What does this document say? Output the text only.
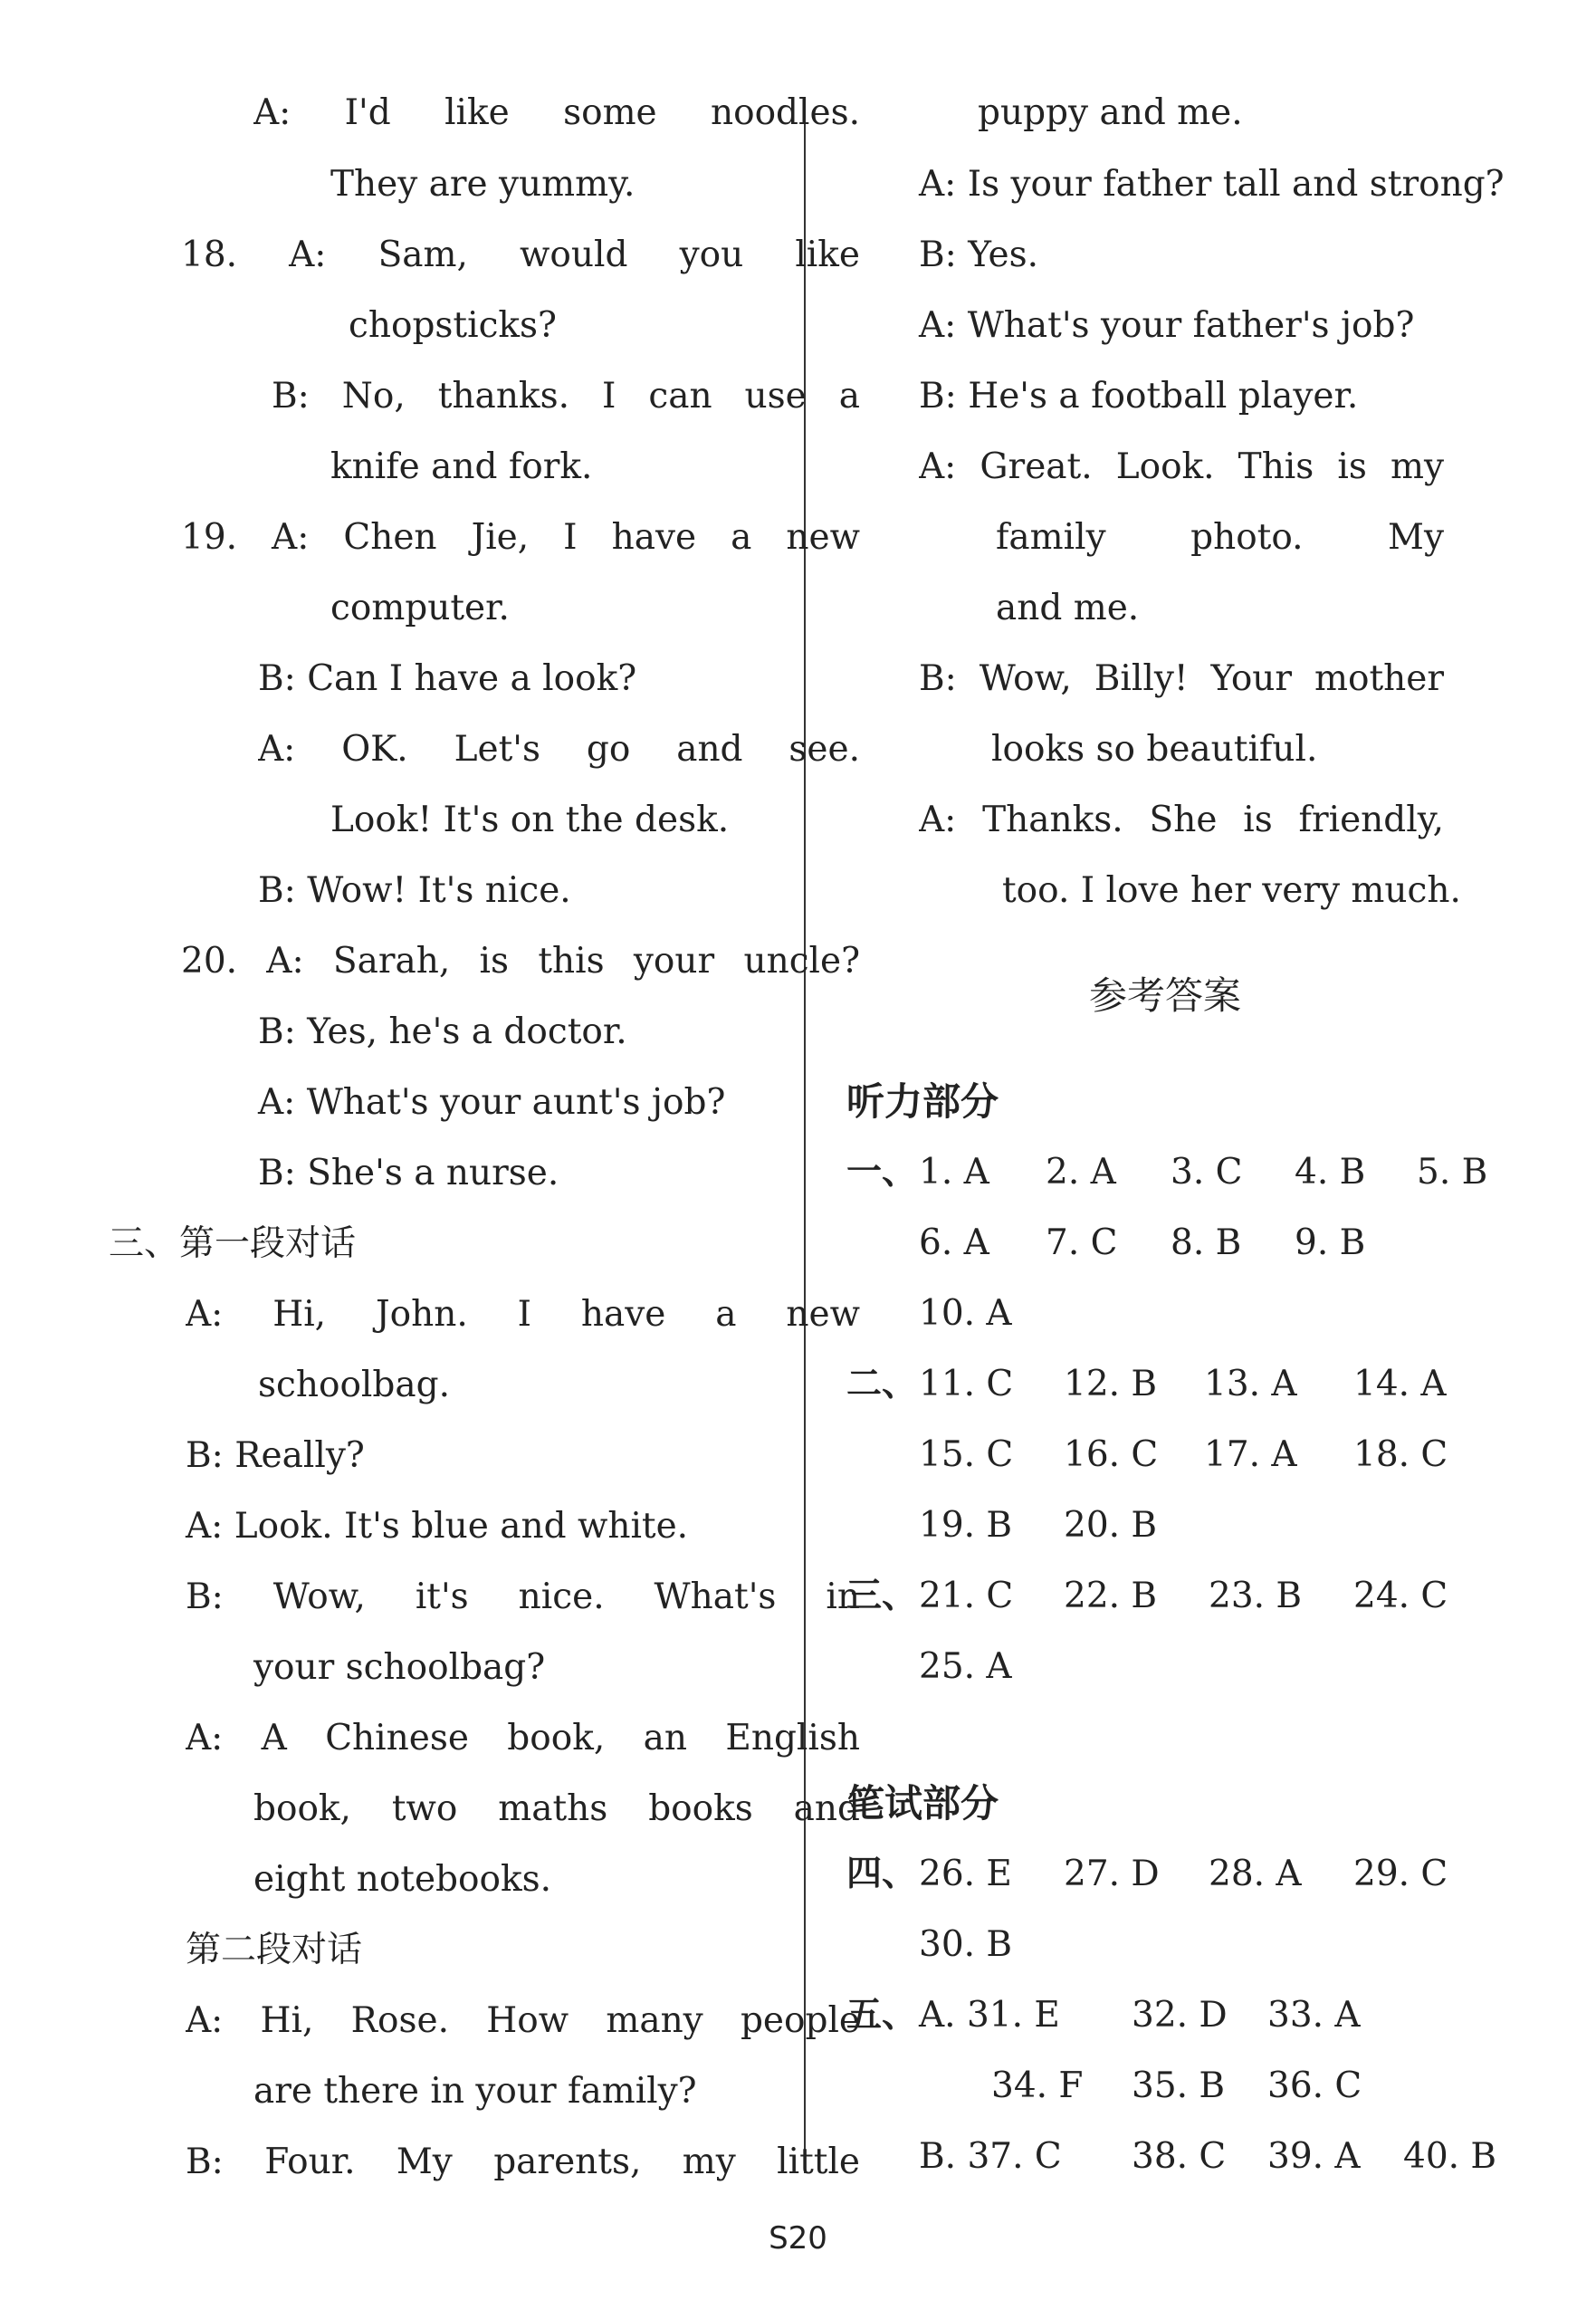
A: I'd like some noodles.
They are yummy.
18. A: Sam, would you like
chopsticks?
B: No, thanks. I can use a
knife and fork.
19. A: Chen Jie, I have a new
computer.
B: Can I have a look?
A: OK. Let's go and see.
Look! It's on the desk.
B: Wow! It's nice.
20. A: Sarah, is this your uncle?
B: Yes, he's a doctor.
A: What's your aunt's job?
B: She's a nurse.
三、第一段对话
A: Hi, John. I have a new
schoolbag.
B: Really?
A: Look. It's blue and white.
B: Wow, it's nice. What's in
your schoolbag?
A: A Chinese book, an English
book, two maths books and
eight notebooks.
第二段对话
A: Hi, Rose. How many people
are there in your family?
B: Four. My parents, my little
puppy and me.
A: Is your father tall and strong?
B: Yes.
A: What's your father's job?
B: He's a football player.
A: Great. Look. This is my
family photo. My
and me.
B: Wow, Billy! Your mother
looks so beautiful.
A: Thanks. She is friendly,
too. I love her very much.
参考答案
听力部分
一、 1. A 2. A 3. C 4. B 5. B
6. A 7. C 8. B 9. B
10. A
二、 11. C 12. B 13. A 14. A
15. C 16. C 17. A 18. C
19. B 20. B
三、 21. C 22. B 23. B 24. C
25. A
笔试部分
四、 26. E 27. D 28. A 29. C
30. B
五、 A. 31. E 32. D 33. A
34. F 35. B 36. C
B. 37. C 38. C 39. A 40. B
S20
